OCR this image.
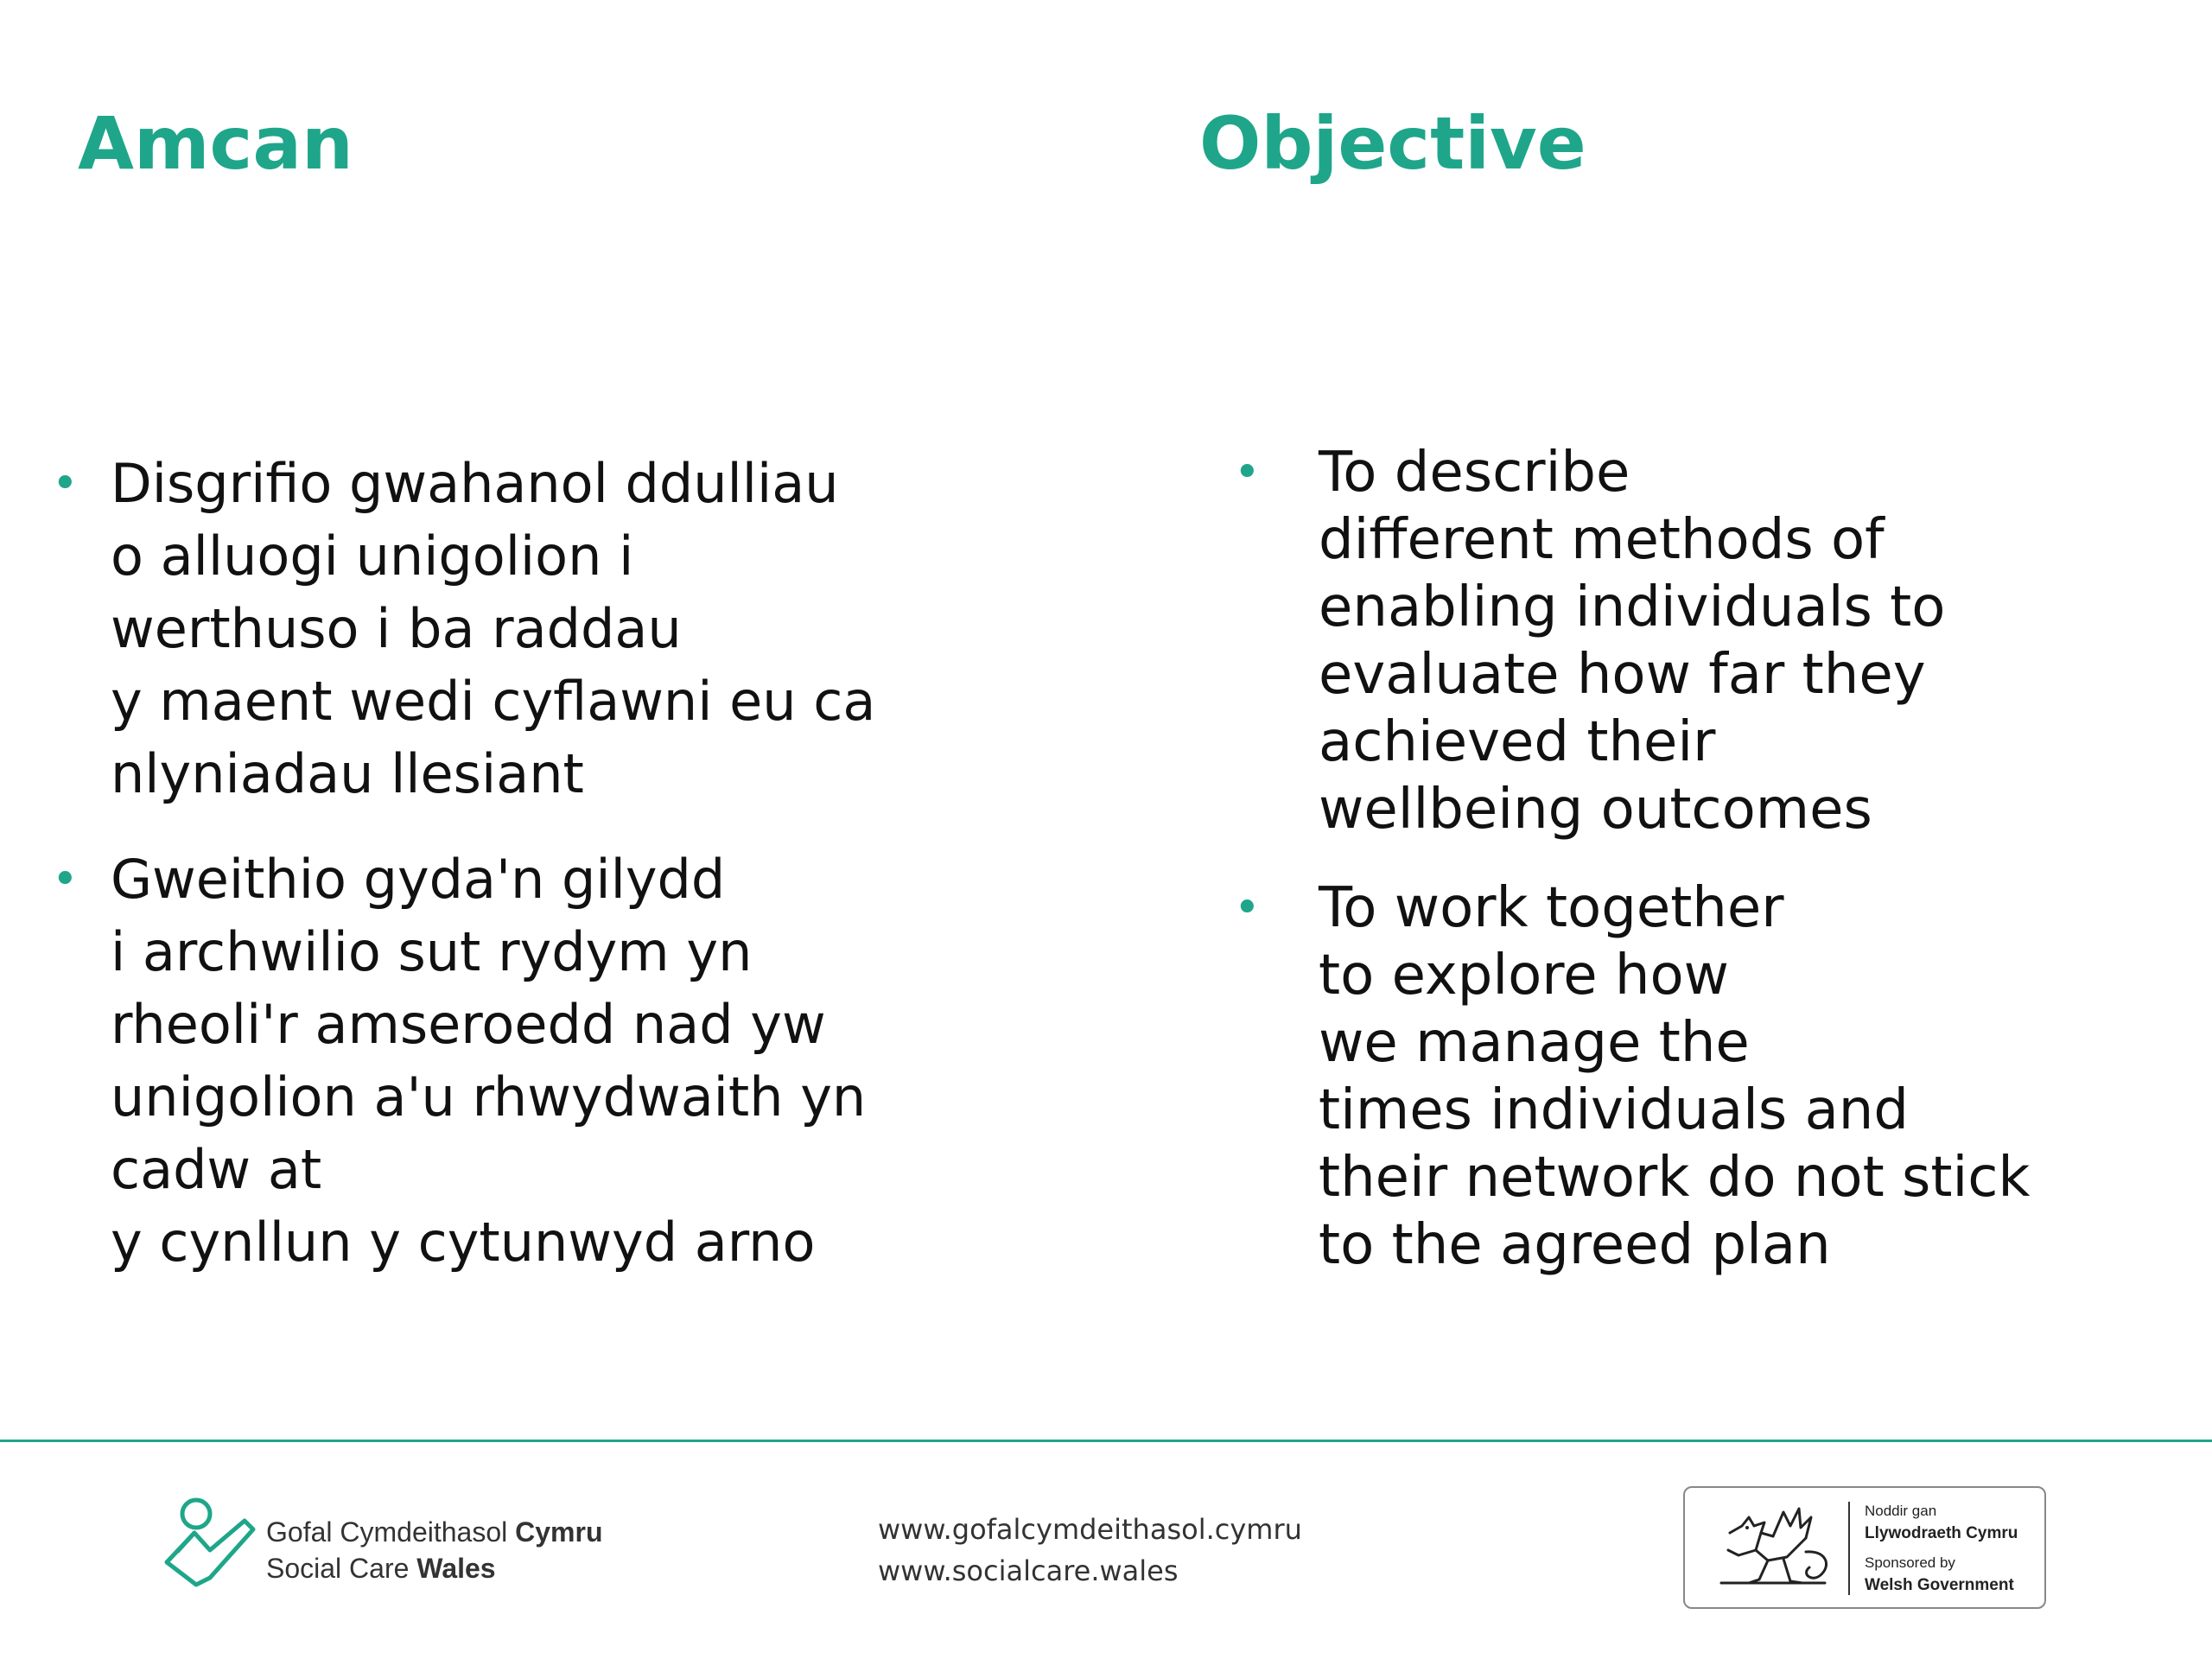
Amcan	Objective
• Disgrifio gwahanol ddulliau
o alluogi unigolion i
werthuso i ba raddau
y maent wedi cyflawni eu ca
nlyniadau llesiant
• Gweithio gyda'n gilydd
i archwilio sut rydym yn
rheoli'r amseroedd nad yw
unigolion a'u rhwydwaith yn
cadw at
y cynllun y cytunwyd arno
• To describe
different methods of
enabling individuals to
evaluate how far they
achieved their
wellbeing outcomes
• To work together
to explore how
we manage the
times individuals and
their network do not stick
to the agreed plan
Gofal Cymdeithasol Cymru
Social Care Wales
www.gofalcymdeithasol.cymru
www.socialcare.wales
Noddir gan
Llywodraeth Cymru
Sponsored by
Welsh Government
